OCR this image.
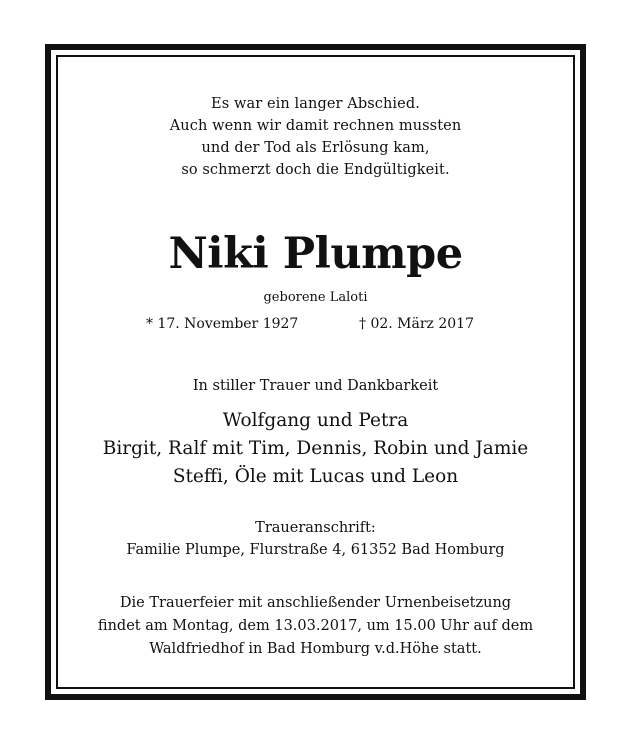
Es war ein langer Abschied.
Auch wenn wir damit rechnen mussten
und der Tod als Erlösung kam,
so schmerzt doch die Endgültigkeit.
Niki Plumpe
geborene Laloti
* 17. November 1927	† 02. März 2017
In stiller Trauer und Dankbarkeit
Wolfgang und Petra
Birgit, Ralf mit Tim, Dennis, Robin und Jamie
Steffi, Öle mit Lucas und Leon
Traueranschrift:
Familie Plumpe, Flurstraße 4, 61352 Bad Homburg
Die Trauerfeier mit anschließender Urnenbeisetzung
findet am Montag, dem 13.03.2017, um 15.00 Uhr auf dem
Waldfriedhof in Bad Homburg v.d.Höhe statt.
